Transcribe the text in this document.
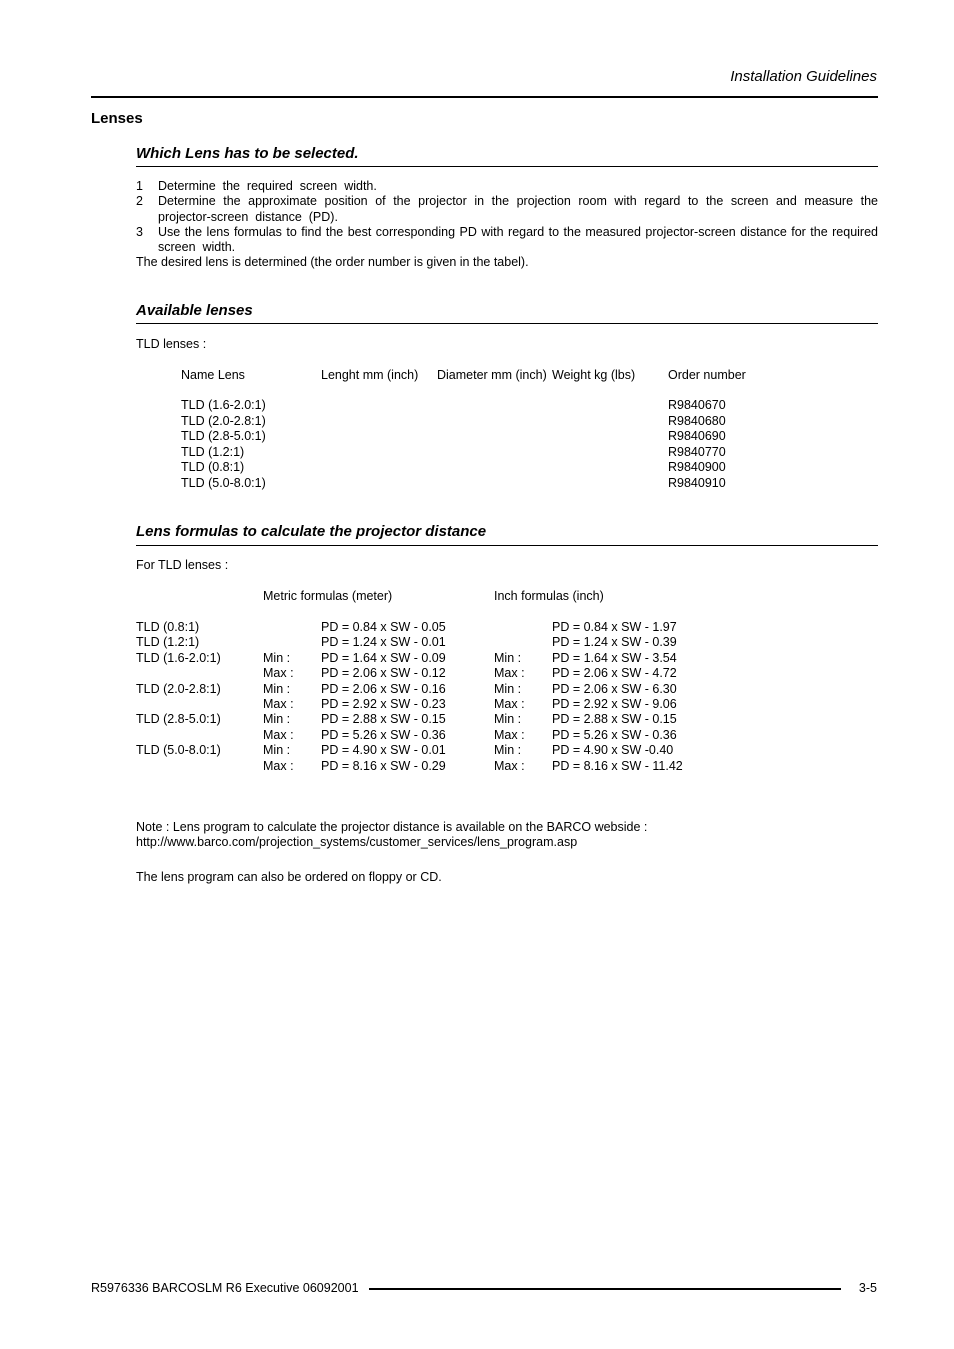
Installation Guidelines
Lenses
Which Lens has to be selected.
1	Determine  the  required  screen  width.
2	Determine  the  approximate  position  of  the  projector  in  the  projection  room  with  regard  to  the  screen  and  measure  the  projector-screen  distance  (PD).
3	Use the lens formulas to find the best corresponding PD with regard to the measured projector-screen distance for the required screen  width.
The desired lens is determined (the order number is given in the tabel).
Available lenses
TLD lenses :
Name Lens	Lenght mm (inch) Diameter mm (inch) Weight kg (lbs)	Order number
TLD (1.6-2.0:1)	R9840670
TLD (2.0-2.8:1)	R9840680
TLD (2.8-5.0:1)	R9840690
TLD (1.2:1)	R9840770
TLD (0.8:1)	R9840900
TLD (5.0-8.0:1)	R9840910
Lens formulas to calculate the projector distance
For TLD lenses :
Metric formulas (meter)	Inch formulas (inch)
TLD (0.8:1)	PD = 0.84 x SW - 0.05	PD = 0.84 x SW - 1.97
TLD (1.2:1)	PD = 1.24 x SW - 0.01	PD = 1.24 x SW - 0.39
TLD (1.6-2.0:1)	Min : PD = 1.64 x SW - 0.09	Min : PD = 1.64 x SW - 3.54
Max : PD = 2.06 x SW - 0.12	Max : PD = 2.06 x SW - 4.72
TLD (2.0-2.8:1)	Min : PD = 2.06 x SW - 0.16	Min : PD = 2.06 x SW - 6.30
Max : PD = 2.92 x SW - 0.23	Max : PD = 2.92 x SW - 9.06
TLD (2.8-5.0:1)	Min : PD = 2.88 x SW - 0.15	Min : PD = 2.88 x SW - 0.15
Max : PD = 5.26 x SW - 0.36	Max : PD = 5.26 x SW - 0.36
TLD (5.0-8.0:1)	Min : PD = 4.90 x SW - 0.01	Min : PD = 4.90 x SW -0.40
Max : PD = 8.16 x SW - 0.29	Max : PD = 8.16 x SW - 11.42
Note : Lens program to calculate the projector distance is available on the BARCO webside :
http://www.barco.com/projection_systems/customer_services/lens_program.asp
The lens program can also be ordered on floppy or CD.
R5976336 BARCOSLM R6 Executive 06092001	3-5
